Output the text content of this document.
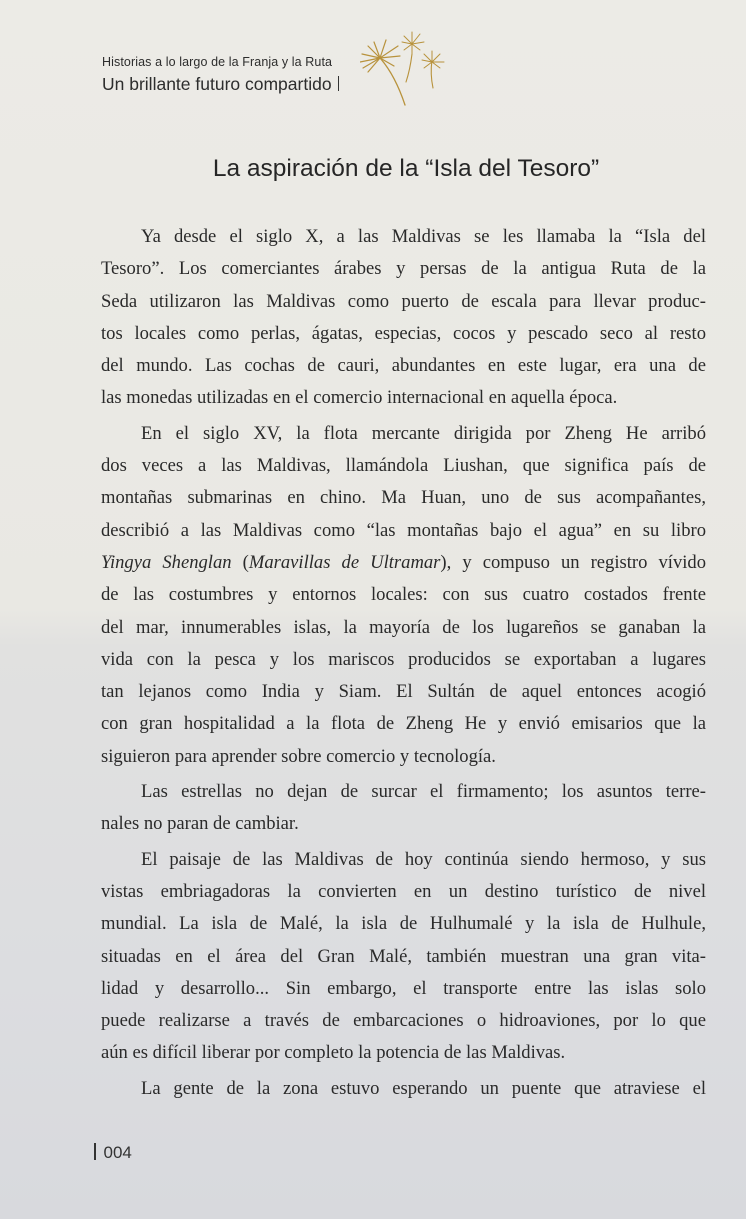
Historias a lo largo de la Franja y la Ruta
Un brillante futuro compartido
La aspiración de la “Isla del Tesoro”
Ya desde el siglo X, a las Maldivas se les llamaba la “Isla del
Tesoro”. Los comerciantes árabes y persas de la antigua Ruta de la
Seda utilizaron las Maldivas como puerto de escala para llevar produc-
tos locales como perlas, ágatas, especias, cocos y pescado seco al resto
del mundo. Las cochas de cauri, abundantes en este lugar, era una de
las monedas utilizadas en el comercio internacional en aquella época.
En el siglo XV, la flota mercante dirigida por Zheng He arribó
dos veces a las Maldivas, llamándola Liushan, que significa país de
montañas submarinas en chino. Ma Huan, uno de sus acompañantes,
describió a las Maldivas como “las montañas bajo el agua” en su libro
Yingya Shenglan (Maravillas de Ultramar), y compuso un registro vívido
de las costumbres y entornos locales: con sus cuatro costados frente
del mar, innumerables islas, la mayoría de los lugareños se ganaban la
vida con la pesca y los mariscos producidos se exportaban a lugares
tan lejanos como India y Siam. El Sultán de aquel entonces acogió
con gran hospitalidad a la flota de Zheng He y envió emisarios que la
siguieron para aprender sobre comercio y tecnología.
Las estrellas no dejan de surcar el firmamento; los asuntos terre-
nales no paran de cambiar.
El paisaje de las Maldivas de hoy continúa siendo hermoso, y sus
vistas embriagadoras la convierten en un destino turístico de nivel
mundial. La isla de Malé, la isla de Hulhumalé y la isla de Hulhule,
situadas en el área del Gran Malé, también muestran una gran vita-
lidad y desarrollo... Sin embargo, el transporte entre las islas solo
puede realizarse a través de embarcaciones o hidroaviones, por lo que
aún es difícil liberar por completo la potencia de las Maldivas.
La gente de la zona estuvo esperando un puente que atraviese el
004
